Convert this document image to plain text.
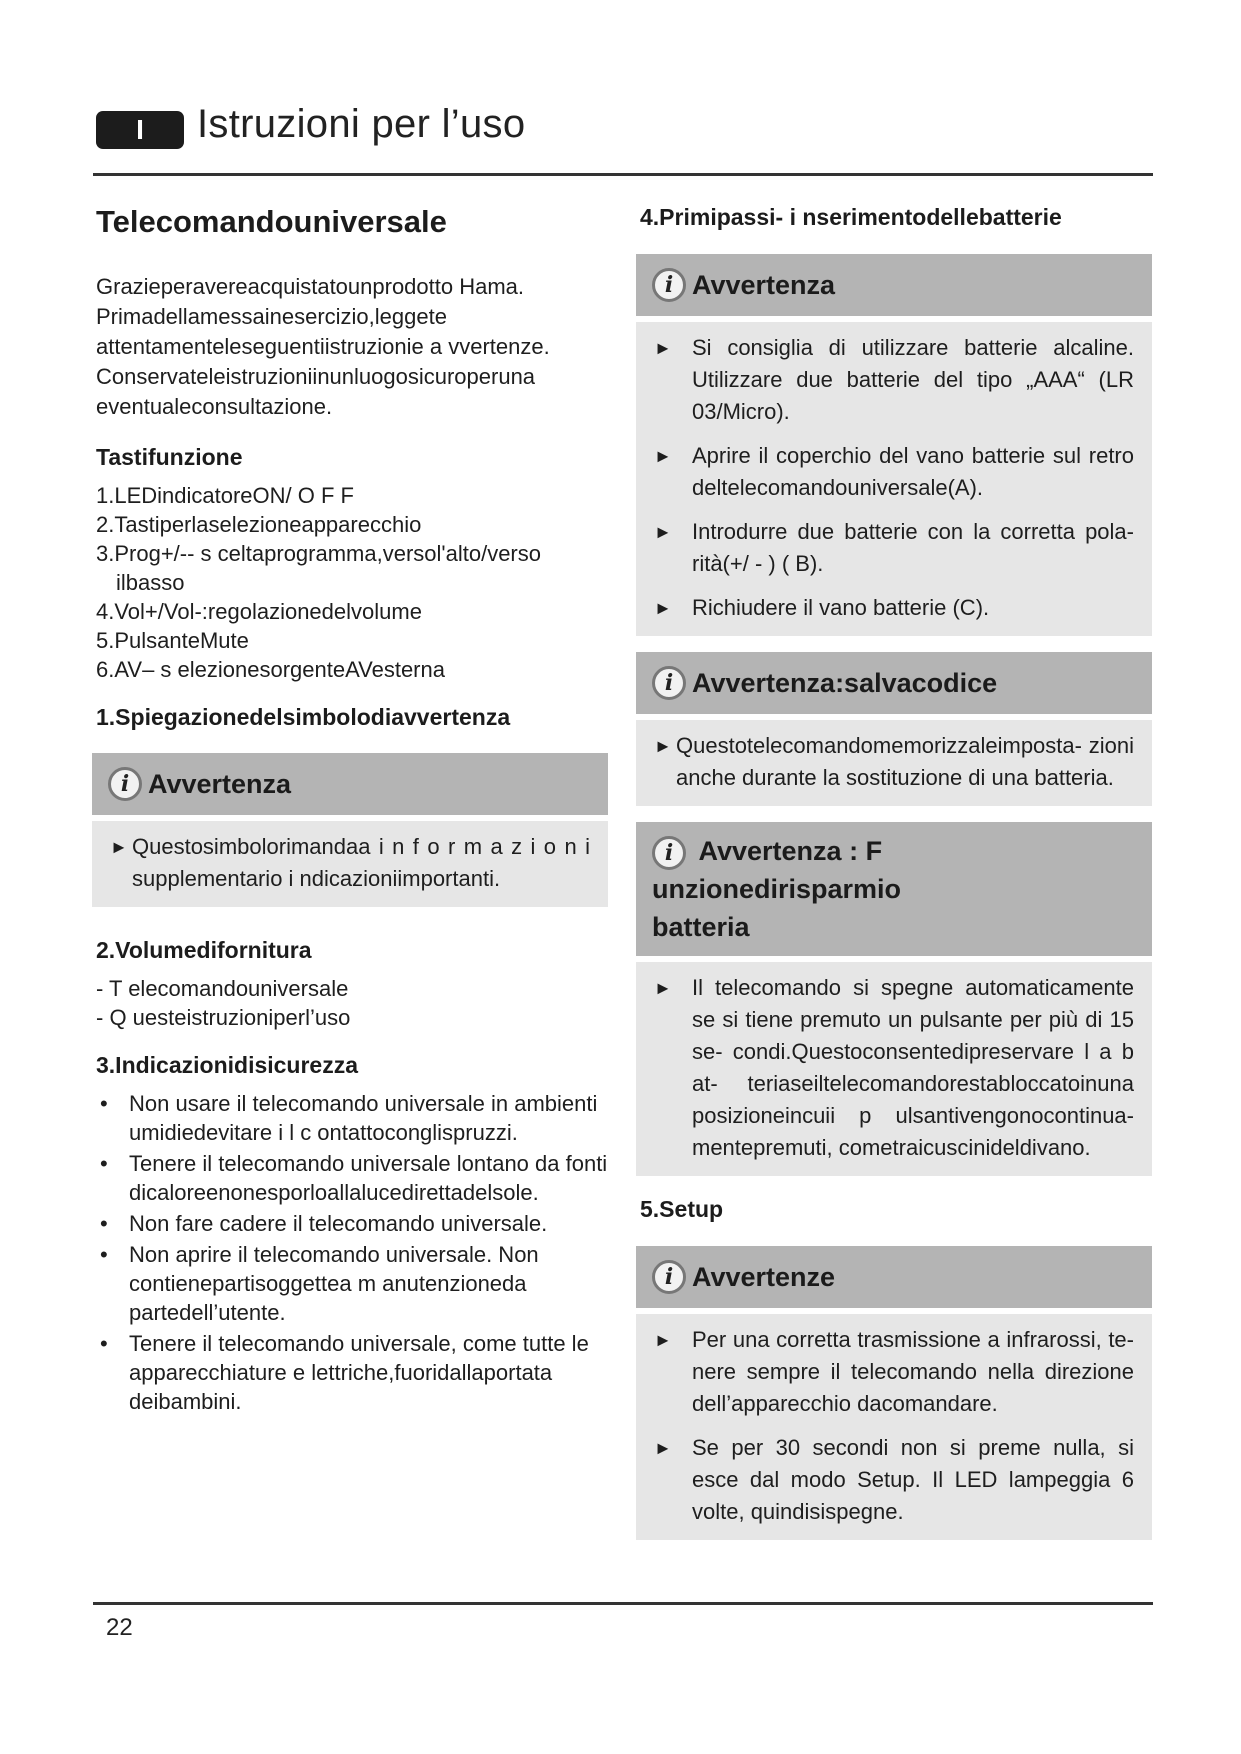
I	Istruzioni per l’uso
Telecomandouniversale

Grazieperavereacquistatounprodotto Hama. Primadellamessainesercizio,leggete attentamenteleseguentiistruzionie a vvertenze. Conservateleistruzioniinunluogosicuroperuna eventualeconsultazione.

Tastifunzione
1.LEDindicatoreON/ O F F
2.Tastiperlaselezioneapparecchio
3.Prog+/-- s celtaprogramma,versol'alto/verso ilbasso
4.Vol+/Vol-:regolazionedelvolume
5.PulsanteMute
6.AV– s elezionesorgenteAVesterna
1.Spiegazionedelsimbolodiavvertenza
i Avvertenza
► Questosimbolorimandaa i n f o r m a z i o n i supplementario i ndicazioniimportanti.
2.Volumedifornitura
- T elecomandouniversale
- Q uesteistruzioniperl’uso
3.Indicazionidisicurezza
• Non usare il telecomando universale in ambienti umidiedevitare i l c ontattoconglispruzzi.
• Tenere il telecomando universale lontano da fonti dicaloreenonesporloallalucedirettadelsole.
• Non fare cadere il telecomando universale.
• Non aprire il telecomando universale. Non contienepartisoggettea m anutenzioneda partedell’utente.
• Tenere il telecomando universale, come tutte le apparecchiature e lettriche,fuoridallaportata deibambini.
4.Primipassi- i nserimentodellebatterie
i Avvertenza
► Si consiglia di utilizzare batterie alcaline. Utilizzare due batterie del tipo „AAA“ (LR 03/Micro).
► Aprire il coperchio del vano batterie sul retro deltelecomandouniversale(A).
► Introdurre due batterie con la corretta pola- rità(+/ - ) ( B).
► Richiudere il vano batterie (C).
i Avvertenza:salvacodice
► Questotelecomandomemorizzaleimposta- zioni anche durante la sostituzione di una batteria.
i Avvertenza : F unzionedirisparmio
batteria
► Il telecomando si spegne automaticamente se si tiene premuto un pulsante per più di 15 se- condi.Questoconsentedipreservare l a b at- teriaseiltelecomandorestabloccatoinuna posizioneincuii p ulsantivengonocontinua- mentepremuti, cometraicuscinideldivano.
5.Setup
i Avvertenze
► Per una corretta trasmissione a infrarossi, te- nere sempre il telecomando nella direzione dell’apparecchio dacomandare.
► Se per 30 secondi non si preme nulla, si esce dal modo Setup. Il LED lampeggia 6 volte, quindisispegne.
22
